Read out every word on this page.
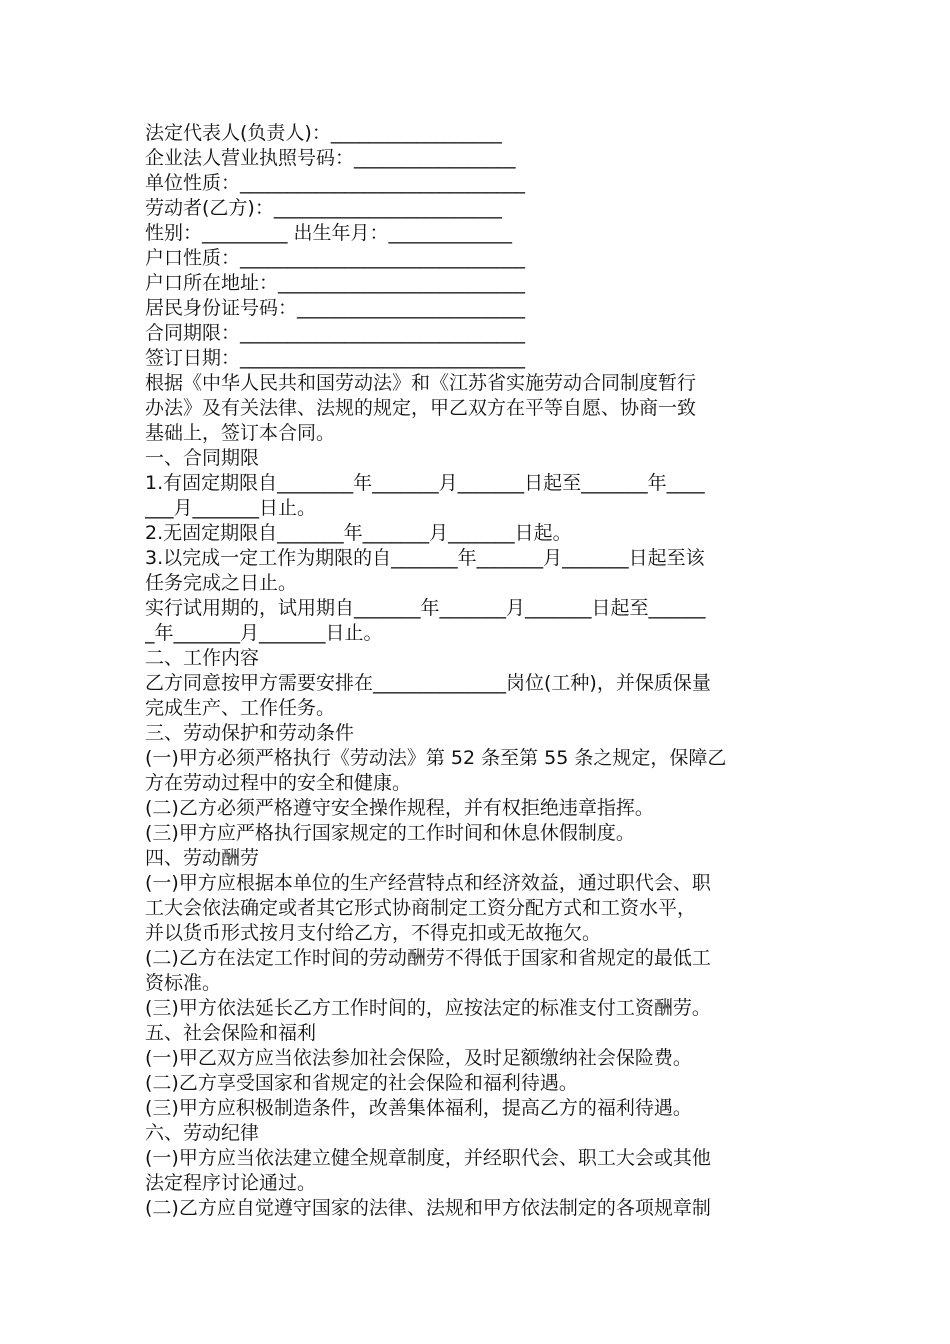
法定代表人(负责人)：__________________
企业法人营业执照号码：_________________
单位性质：______________________________
劳动者(乙方)：________________________
性别：_________ 出生年月：_____________
户口性质：______________________________
户口所在地址：__________________________
居民身份证号码：________________________
合同期限：______________________________
签订日期：______________________________
根据《中华人民共和国劳动法》和《江苏省实施劳动合同制度暂行
办法》及有关法律、法规的规定，甲乙双方在平等自愿、协商一致
基础上，签订本合同。
一、合同期限
1.有固定期限自________年_______月_______日起至_______年____
___月_______日止。
2.无固定期限自_______年_______月_______日起。
3.以完成一定工作为期限的自_______年_______月_______日起至该
任务完成之日止。
实行试用期的，试用期自_______年_______月_______日起至______
_年_______月_______日止。
二、工作内容
乙方同意按甲方需要安排在______________岗位(工种)，并保质保量
完成生产、工作任务。
三、劳动保护和劳动条件
(一)甲方必须严格执行《劳动法》第 52 条至第 55 条之规定，保障乙
方在劳动过程中的安全和健康。
(二)乙方必须严格遵守安全操作规程，并有权拒绝违章指挥。
(三)甲方应严格执行国家规定的工作时间和休息休假制度。
四、劳动酬劳
(一)甲方应根据本单位的生产经营特点和经济效益，通过职代会、职
工大会依法确定或者其它形式协商制定工资分配方式和工资水平，
并以货币形式按月支付给乙方，不得克扣或无故拖欠。
(二)乙方在法定工作时间的劳动酬劳不得低于国家和省规定的最低工
资标准。
(三)甲方依法延长乙方工作时间的，应按法定的标准支付工资酬劳。
五、社会保险和福利
(一)甲乙双方应当依法参加社会保险，及时足额缴纳社会保险费。
(二)乙方享受国家和省规定的社会保险和福利待遇。
(三)甲方应积极制造条件，改善集体福利，提高乙方的福利待遇。
六、劳动纪律
(一)甲方应当依法建立健全规章制度，并经职代会、职工大会或其他
法定程序讨论通过。
(二)乙方应自觉遵守国家的法律、法规和甲方依法制定的各项规章制
